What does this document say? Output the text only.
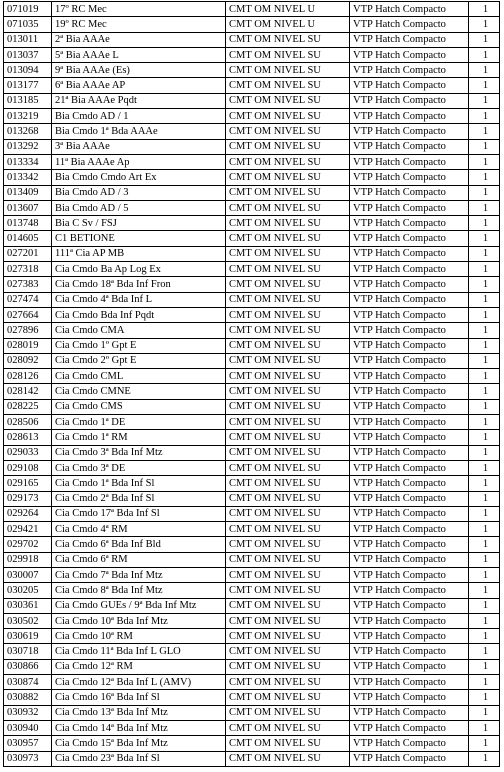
071019	17º RC Mec	CMT OM NIVEL U	VTP Hatch Compacto	1
071035	19º RC Mec	CMT OM NIVEL U	VTP Hatch Compacto	1
013011	2ª Bia AAAe	CMT OM NIVEL SU	VTP Hatch Compacto	1
013037	5ª Bia AAAe L	CMT OM NIVEL SU	VTP Hatch Compacto	1
013094	9ª Bia AAAe (Es)	CMT OM NIVEL SU	VTP Hatch Compacto	1
013177	6ª Bia AAAe AP	CMT OM NIVEL SU	VTP Hatch Compacto	1
013185	21ª Bia AAAe Pqdt	CMT OM NIVEL SU	VTP Hatch Compacto	1
013219	Bia Cmdo AD / 1	CMT OM NIVEL SU	VTP Hatch Compacto	1
013268	Bia Cmdo 1ª Bda AAAe	CMT OM NIVEL SU	VTP Hatch Compacto	1
013292	3ª Bia AAAe	CMT OM NIVEL SU	VTP Hatch Compacto	1
013334	11ª Bia AAAe Ap	CMT OM NIVEL SU	VTP Hatch Compacto	1
013342	Bia Cmdo Cmdo Art Ex	CMT OM NIVEL SU	VTP Hatch Compacto	1
013409	Bia Cmdo AD / 3	CMT OM NIVEL SU	VTP Hatch Compacto	1
013607	Bia Cmdo AD / 5	CMT OM NIVEL SU	VTP Hatch Compacto	1
013748	Bia C Sv / FSJ	CMT OM NIVEL SU	VTP Hatch Compacto	1
014605	C1 BETIONE	CMT OM NIVEL SU	VTP Hatch Compacto	1
027201	111ª Cia AP MB	CMT OM NIVEL SU	VTP Hatch Compacto	1
027318	Cia Cmdo Ba Ap Log Ex	CMT OM NIVEL SU	VTP Hatch Compacto	1
027383	Cia Cmdo 18ª Bda Inf Fron	CMT OM NIVEL SU	VTP Hatch Compacto	1
027474	Cia Cmdo 4ª Bda Inf L	CMT OM NIVEL SU	VTP Hatch Compacto	1
027664	Cia Cmdo Bda Inf Pqdt	CMT OM NIVEL SU	VTP Hatch Compacto	1
027896	Cia Cmdo CMA	CMT OM NIVEL SU	VTP Hatch Compacto	1
028019	Cia Cmdo 1º Gpt E	CMT OM NIVEL SU	VTP Hatch Compacto	1
028092	Cia Cmdo 2º Gpt E	CMT OM NIVEL SU	VTP Hatch Compacto	1
028126	Cia Cmdo CML	CMT OM NIVEL SU	VTP Hatch Compacto	1
028142	Cia Cmdo CMNE	CMT OM NIVEL SU	VTP Hatch Compacto	1
028225	Cia Cmdo CMS	CMT OM NIVEL SU	VTP Hatch Compacto	1
028506	Cia Cmdo 1ª DE	CMT OM NIVEL SU	VTP Hatch Compacto	1
028613	Cia Cmdo 1ª RM	CMT OM NIVEL SU	VTP Hatch Compacto	1
029033	Cia Cmdo 3ª Bda Inf Mtz	CMT OM NIVEL SU	VTP Hatch Compacto	1
029108	Cia Cmdo 3ª DE	CMT OM NIVEL SU	VTP Hatch Compacto	1
029165	Cia Cmdo 1ª Bda Inf Sl	CMT OM NIVEL SU	VTP Hatch Compacto	1
029173	Cia Cmdo 2ª Bda Inf Sl	CMT OM NIVEL SU	VTP Hatch Compacto	1
029264	Cia Cmdo 17ª Bda Inf Sl	CMT OM NIVEL SU	VTP Hatch Compacto	1
029421	Cia Cmdo 4ª RM	CMT OM NIVEL SU	VTP Hatch Compacto	1
029702	Cia Cmdo 6ª Bda Inf Bld	CMT OM NIVEL SU	VTP Hatch Compacto	1
029918	Cia Cmdo 6ª RM	CMT OM NIVEL SU	VTP Hatch Compacto	1
030007	Cia Cmdo 7ª Bda Inf Mtz	CMT OM NIVEL SU	VTP Hatch Compacto	1
030205	Cia Cmdo 8ª Bda Inf Mtz	CMT OM NIVEL SU	VTP Hatch Compacto	1
030361	Cia Cmdo GUEs / 9ª Bda Inf Mtz	CMT OM NIVEL SU	VTP Hatch Compacto	1
030502	Cia Cmdo 10ª Bda Inf Mtz	CMT OM NIVEL SU	VTP Hatch Compacto	1
030619	Cia Cmdo 10ª RM	CMT OM NIVEL SU	VTP Hatch Compacto	1
030718	Cia Cmdo 11ª Bda Inf L GLO	CMT OM NIVEL SU	VTP Hatch Compacto	1
030866	Cia Cmdo 12ª RM	CMT OM NIVEL SU	VTP Hatch Compacto	1
030874	Cia Cmdo 12ª Bda Inf L (AMV)	CMT OM NIVEL SU	VTP Hatch Compacto	1
030882	Cia Cmdo 16ª Bda Inf Sl	CMT OM NIVEL SU	VTP Hatch Compacto	1
030932	Cia Cmdo 13ª Bda Inf Mtz	CMT OM NIVEL SU	VTP Hatch Compacto	1
030940	Cia Cmdo 14ª Bda Inf Mtz	CMT OM NIVEL SU	VTP Hatch Compacto	1
030957	Cia Cmdo 15ª Bda Inf Mtz	CMT OM NIVEL SU	VTP Hatch Compacto	1
030973	Cia Cmdo 23ª Bda Inf Sl	CMT OM NIVEL SU	VTP Hatch Compacto	1
